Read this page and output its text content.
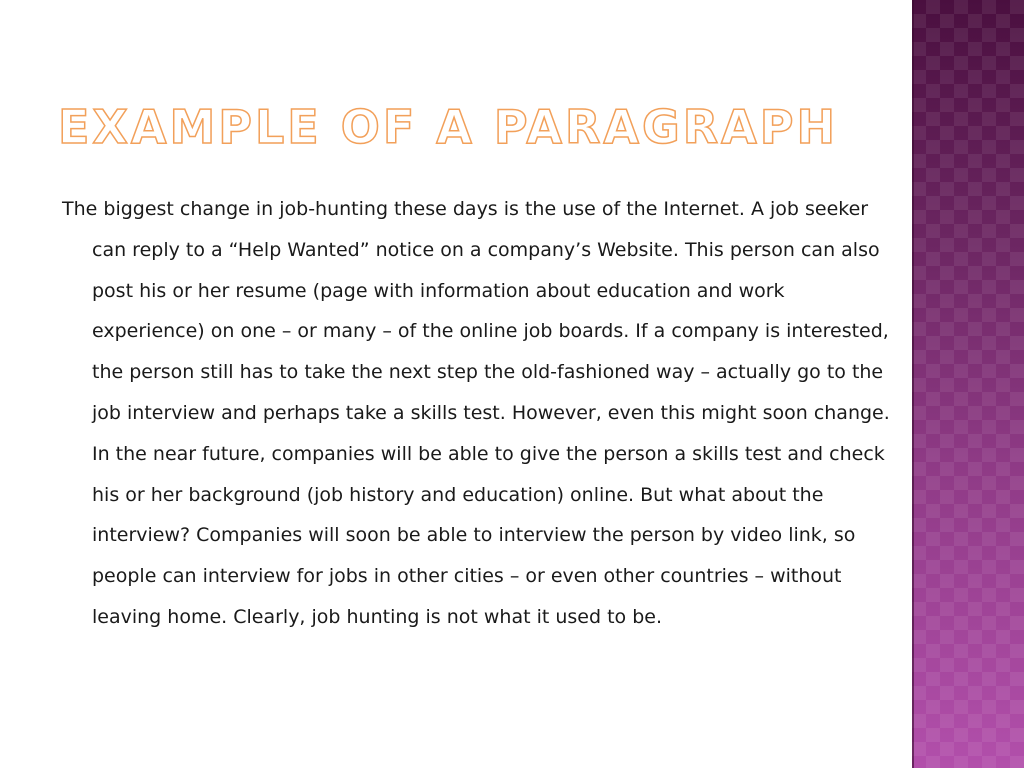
EXAMPLE OF A PARAGRAPH

The biggest change in job-hunting these days is the use of the Internet. A job seeker can reply to a “Help Wanted” notice on a company’s Website. This person can also post his or her resume (page with information about education and work experience) on one – or many – of the online job boards. If a company is interested, the person still has to take the next step the old-fashioned way – actually go to the job interview and perhaps take a skills test. However, even this might soon change. In the near future, companies will be able to give the person a skills test and check his or her background (job history and education) online. But what about the interview? Companies will soon be able to interview the person by video link, so people can interview for jobs in other cities – or even other countries – without leaving home. Clearly, job hunting is not what it used to be.
